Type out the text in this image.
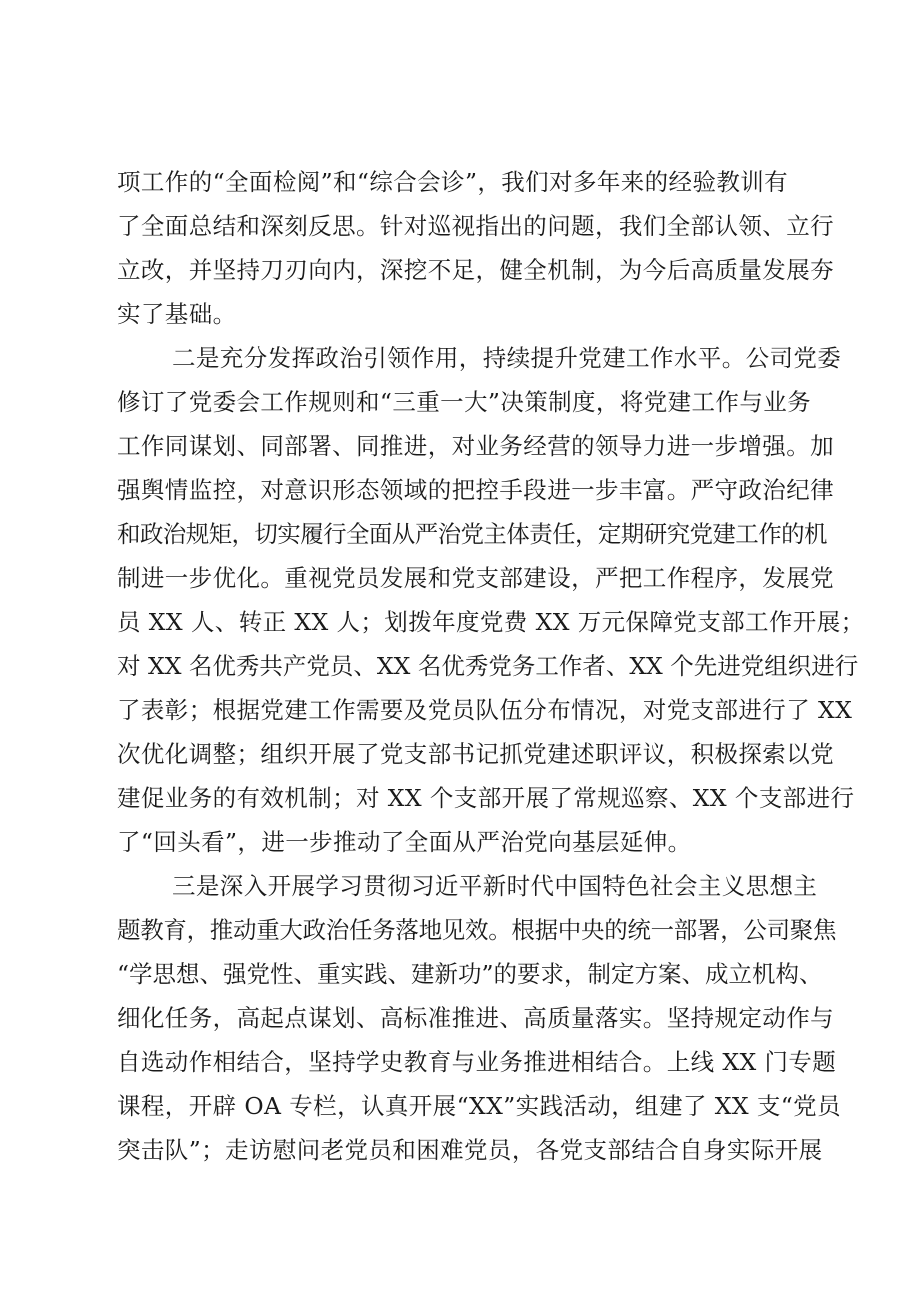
项工作的“全面检阅”和“综合会诊”，我们对多年来的经验教训有

了全面总结和深刻反思。针对巡视指出的问题，我们全部认领、立行

立改，并坚持刀刃向内，深挖不足，健全机制，为今后高质量发展夯

实了基础。

二是充分发挥政治引领作用，持续提升党建工作水平。公司党委

修订了党委会工作规则和“三重一大”决策制度，将党建工作与业务

工作同谋划、同部署、同推进，对业务经营的领导力进一步增强。加

强舆情监控，对意识形态领域的把控手段进一步丰富。严守政治纪律

和政治规矩，切实履行全面从严治党主体责任，定期研究党建工作的机

制进一步优化。重视党员发展和党支部建设，严把工作程序，发展党

员 XX 人、转正 XX 人；划拨年度党费 XX 万元保障党支部工作开展；

对 XX 名优秀共产党员、XX 名优秀党务工作者、XX 个先进党组织进行

了表彰；根据党建工作需要及党员队伍分布情况，对党支部进行了 XX

次优化调整；组织开展了党支部书记抓党建述职评议，积极探索以党

建促业务的有效机制；对 XX 个支部开展了常规巡察、XX 个支部进行

了“回头看”，进一步推动了全面从严治党向基层延伸。

三是深入开展学习贯彻习近平新时代中国特色社会主义思想主

题教育，推动重大政治任务落地见效。根据中央的统一部署，公司聚焦

“学思想、强党性、重实践、建新功”的要求，制定方案、成立机构、

细化任务，高起点谋划、高标准推进、高质量落实。坚持规定动作与

自选动作相结合，坚持学史教育与业务推进相结合。上线 XX 门专题

课程，开辟 OA 专栏，认真开展“XX”实践活动，组建了 XX 支“党员

突击队”；走访慰问老党员和困难党员，各党支部结合自身实际开展
